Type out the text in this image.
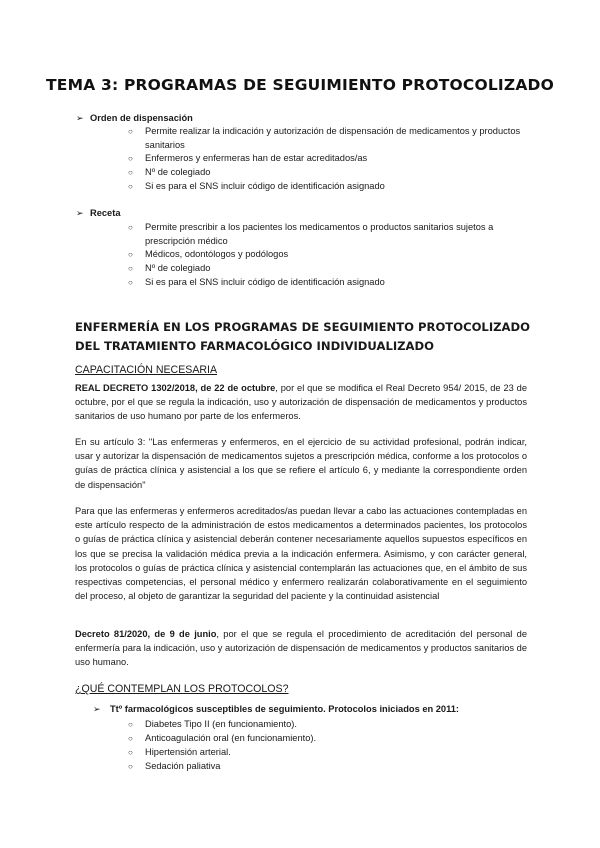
TEMA 3: PROGRAMAS DE SEGUIMIENTO PROTOCOLIZADO
➢ Orden de dispensación
○ Permite realizar la indicación y autorización de dispensación de medicamentos y productos sanitarios
○ Enfermeros y enfermeras han de estar acreditados/as
○ Nº de colegiado
○ Si es para el SNS incluir código de identificación asignado
➢ Receta
○ Permite prescribir a los pacientes los medicamentos o productos sanitarios sujetos a prescripción médico
○ Médicos, odontólogos y podólogos
○ Nº de colegiado
○ Si es para el SNS incluir código de identificación asignado
ENFERMERÍA EN LOS PROGRAMAS DE SEGUIMIENTO PROTOCOLIZADO DEL TRATAMIENTO FARMACOLÓGICO INDIVIDUALIZADO
CAPACITACIÓN NECESARIA
REAL DECRETO 1302/2018, de 22 de octubre, por el que se modifica el Real Decreto 954/ 2015, de 23 de octubre, por el que se regula la indicación, uso y autorización de dispensación de medicamentos y productos sanitarios de uso humano por parte de los enfermeros.
En su artículo 3: "Las enfermeras y enfermeros, en el ejercicio de su actividad profesional, podrán indicar, usar y autorizar la dispensación de medicamentos sujetos a prescripción médica, conforme a los protocolos o guías de práctica clínica y asistencial a los que se refiere el artículo 6, y mediante la correspondiente orden de dispensación"
Para que las enfermeras y enfermeros acreditados/as puedan llevar a cabo las actuaciones contempladas en este artículo respecto de la administración de estos medicamentos a determinados pacientes, los protocolos o guías de práctica clínica y asistencial deberán contener necesariamente aquellos supuestos específicos en los que se precisa la validación médica previa a la indicación enfermera. Asimismo, y con carácter general, los protocolos o guías de práctica clínica y asistencial contemplarán las actuaciones que, en el ámbito de sus respectivas competencias, el personal médico y enfermero realizarán colaborativamente en el seguimiento del proceso, al objeto de garantizar la seguridad del paciente y la continuidad asistencial
Decreto 81/2020, de 9 de junio, por el que se regula el procedimiento de acreditación del personal de enfermería para la indicación, uso y autorización de dispensación de medicamentos y productos sanitarios de uso humano.
¿QUÉ CONTEMPLAN LOS PROTOCOLOS?
➢ Ttº farmacológicos susceptibles de seguimiento. Protocolos iniciados en 2011:
○ Diabetes Tipo II (en funcionamiento).
○ Anticoagulación oral (en funcionamiento).
○ Hipertensión arterial.
○ Sedación paliativa
